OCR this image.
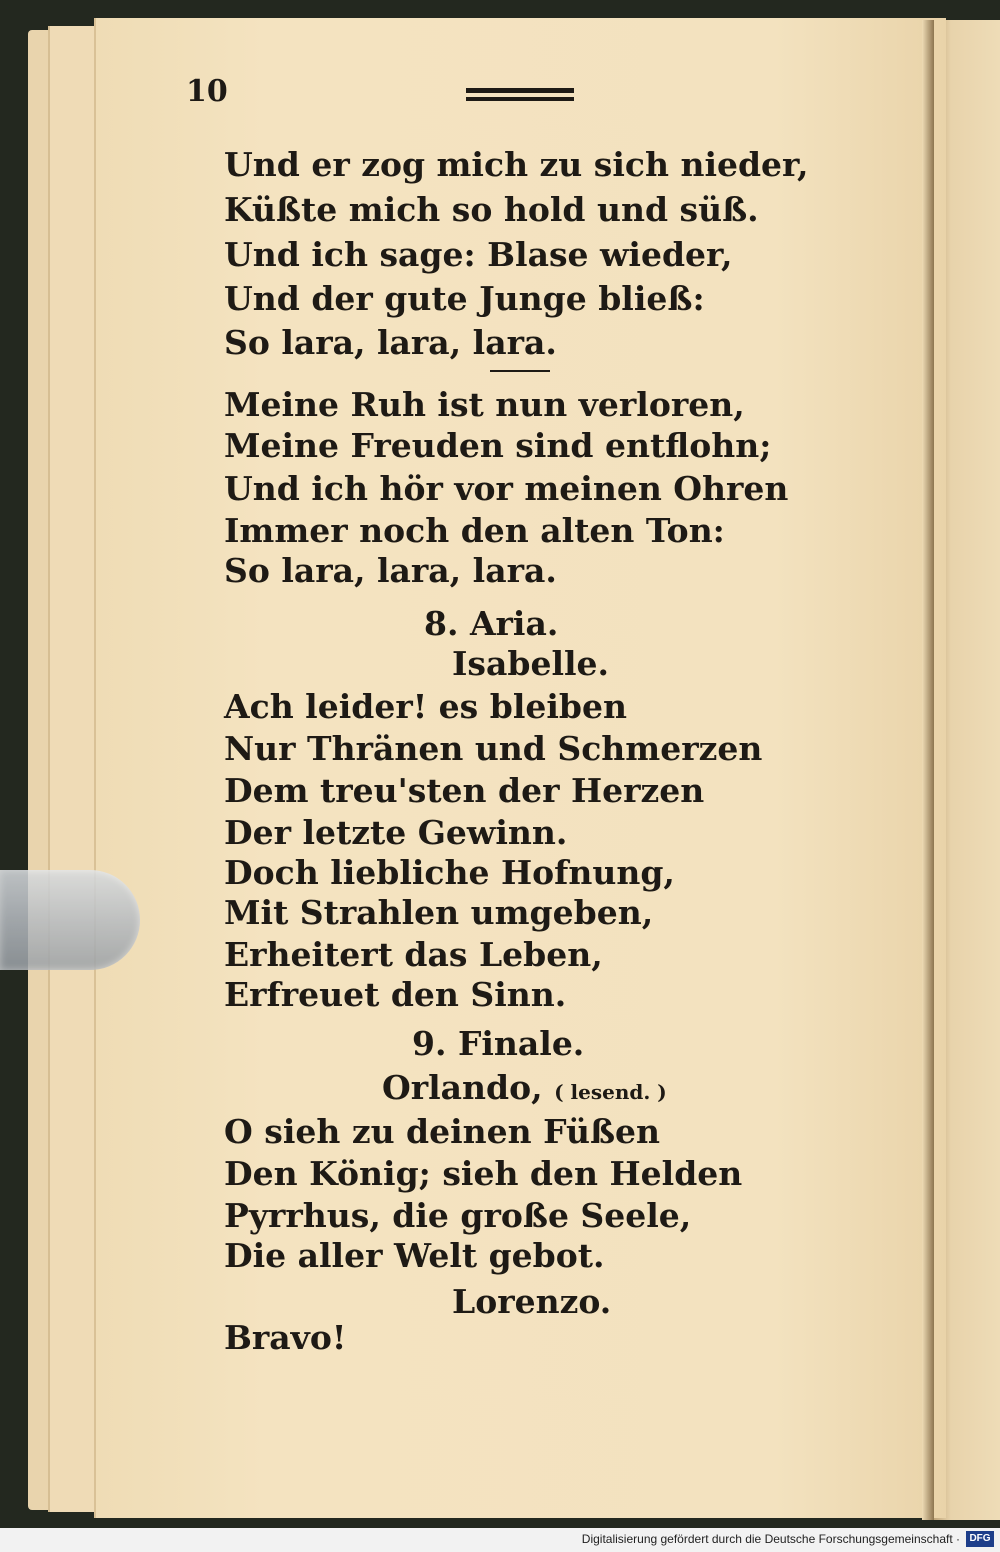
10
Und er zog mich zu sich nieder,
Küßte mich so hold und süß.
Und ich sage: Blase wieder,
Und der gute Junge bließ:
So lara, lara, lara.
Meine Ruh ist nun verloren,
Meine Freuden sind entflohn;
Und ich hör vor meinen Ohren
Immer noch den alten Ton:
So lara, lara, lara.
8. Aria.
Isabelle.
Ach leider! es bleiben
Nur Thränen und Schmerzen
Dem treu'sten der Herzen
Der letzte Gewinn.
Doch liebliche Hofnung,
Mit Strahlen umgeben,
Erheitert das Leben,
Erfreuet den Sinn.
9. Finale.
Orlando, ( lesend. )
O sieh zu deinen Füßen
Den König; sieh den Helden
Pyrrhus, die große Seele,
Die aller Welt gebot.
Lorenzo.
Bravo!
Digitalisierung gefördert durch die Deutsche Forschungsgemeinschaft · DFG
